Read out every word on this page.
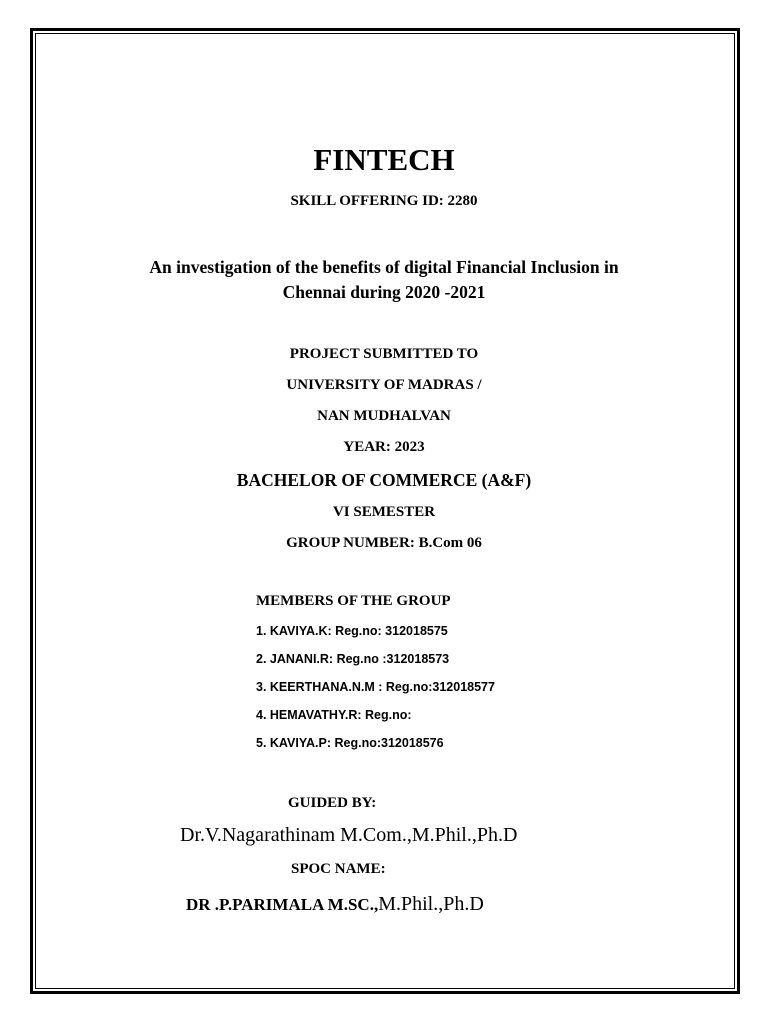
FINTECH
SKILL OFFERING ID: 2280
An investigation of the benefits of digital Financial Inclusion in
Chennai during 2020 -2021
PROJECT SUBMITTED TO
UNIVERSITY OF MADRAS /
NAN MUDHALVAN
YEAR: 2023
BACHELOR OF COMMERCE (A&F)
VI SEMESTER
GROUP NUMBER: B.Com 06
MEMBERS OF THE GROUP
1. KAVIYA.K: Reg.no: 312018575
2. JANANI.R: Reg.no :312018573
3. KEERTHANA.N.M : Reg.no:312018577
4. HEMAVATHY.R: Reg.no:
5. KAVIYA.P: Reg.no:312018576
GUIDED BY:
Dr.V.Nagarathinam M.Com.,M.Phil.,Ph.D
SPOC NAME:
DR .P.PARIMALA M.SC.,M.Phil.,Ph.D
